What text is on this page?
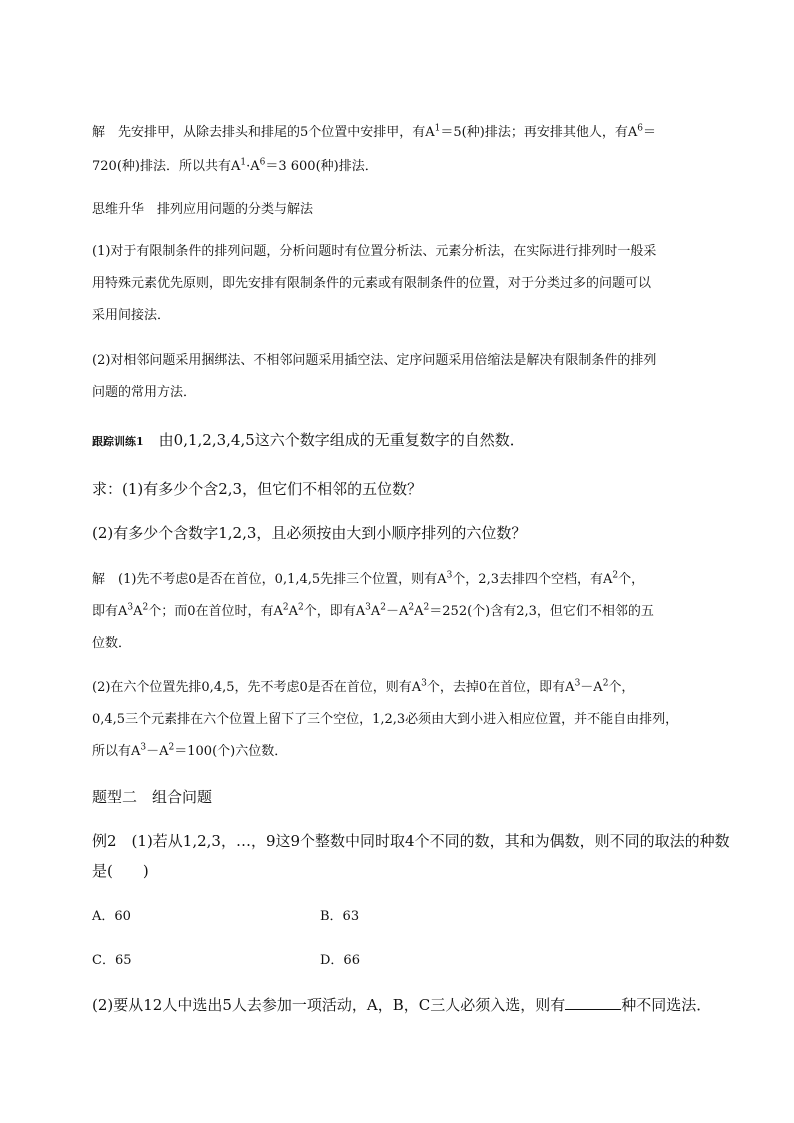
解　先安排甲，从除去排头和排尾的5个位置中安排甲，有$A^1=5$(种)排法；再安排其他人，有$A^6=$

720(种)排法．所以共有$A^1\cdot A^6=3$ 600(种)排法．

思维升华　排列应用问题的分类与解法

(1)对于有限制条件的排列问题，分析问题时有位置分析法、元素分析法，在实际进行排列时一般采

用特殊元素优先原则，即先安排有限制条件的元素或有限制条件的位置，对于分类过多的问题可以

采用间接法．

(2)对相邻问题采用捆绑法、不相邻问题采用插空法、定序问题采用倍缩法是解决有限制条件的排列

问题的常用方法．

跟踪训练1　 由0,1,2,3,4,5这六个数字组成的无重复数字的自然数．

求：(1)有多少个含2,3，但它们不相邻的五位数？

(2)有多少个含数字1,2,3，且必须按由大到小顺序排列的六位数？

解　(1)先不考虑0是否在首位，0,1,4,5先排三个位置，则有$A^3$个，2,3去排四个空档，有$A^2$个，

即有$A^3A^2$个；而0在首位时，有$A^2A^2$个，即有$A^3A^2-A^2A^2=252$(个)含有2,3，但它们不相邻的五

位数．

(2)在六个位置先排0,4,5，先不考虑0是否在首位，则有$A^3$个，去掉0在首位，即有$A^3-A^2$个，

0,4,5三个元素排在六个位置上留下了三个空位，1,2,3必须由大到小进入相应位置，并不能自由排列，

所以有$A^3-A^2=100$(个)六位数．

题型二　组合问题

例2　(1)若从1,2,3，…，9这9个整数中同时取4个不同的数，其和为偶数，则不同的取法的种数

是(　　)

A．60	B．63
C．65	D．66

(2)要从12人中选出5人去参加一项活动，A，B，C三人必须入选，则有	种不同选法．
